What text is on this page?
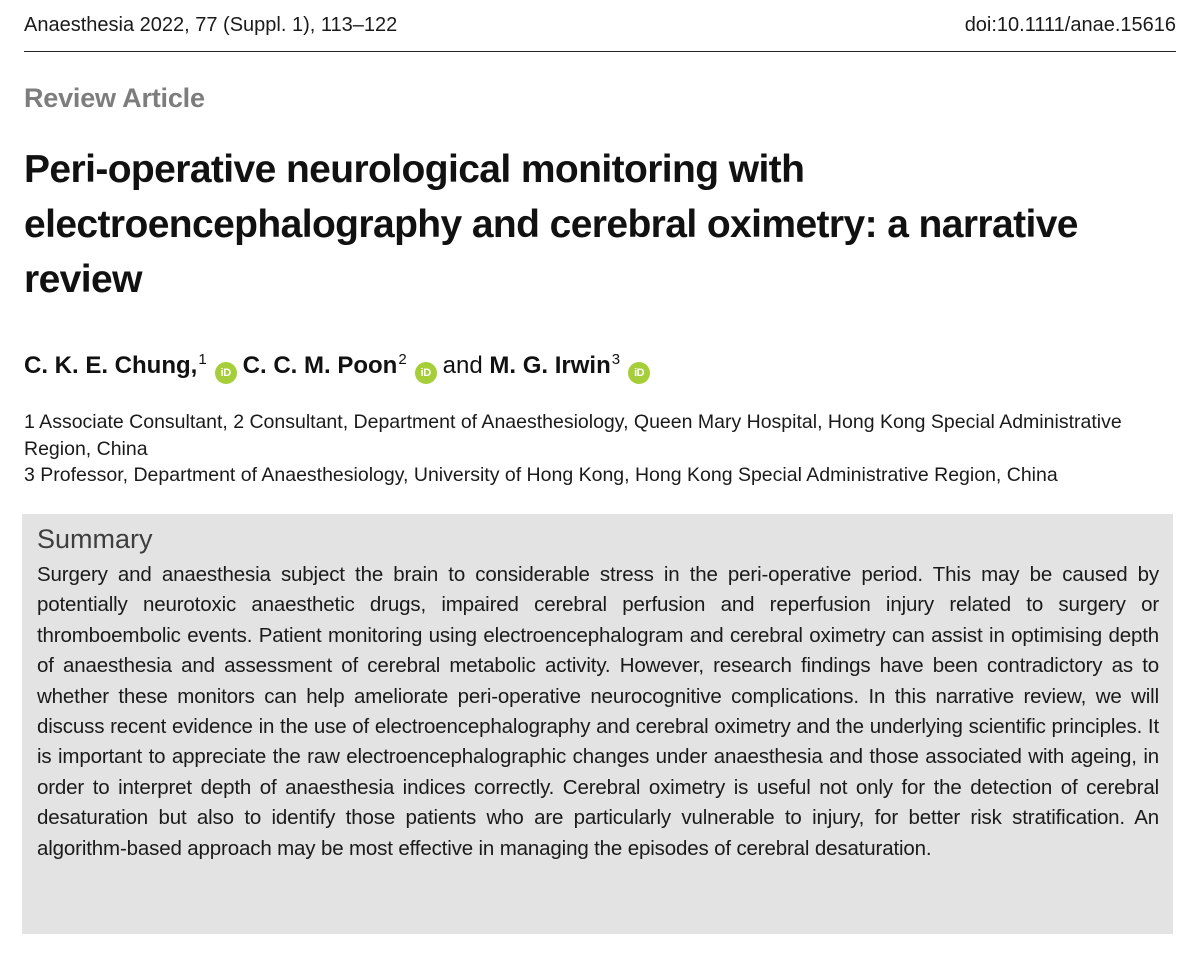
Anaesthesia 2022, 77 (Suppl. 1), 113–122	doi:10.1111/anae.15616
Review Article
Peri-operative neurological monitoring with electroencephalography and cerebral oximetry: a narrative review
C. K. E. Chung,$^1$iD C. C. M. Poon$^2$iD and M. G. Irwin$^3$iD

1 Associate Consultant, 2 Consultant, Department of Anaesthesiology, Queen Mary Hospital, Hong Kong Special Administrative Region, China

3 Professor, Department of Anaesthesiology, University of Hong Kong, Hong Kong Special Administrative Region, China

Summary

Surgery and anaesthesia subject the brain to considerable stress in the peri-operative period. This may be caused by potentially neurotoxic anaesthetic drugs, impaired cerebral perfusion and reperfusion injury related to surgery or thromboembolic events. Patient monitoring using electroencephalogram and cerebral oximetry can assist in optimising depth of anaesthesia and assessment of cerebral metabolic activity. However, research findings have been contradictory as to whether these monitors can help ameliorate peri-operative neurocognitive complications. In this narrative review, we will discuss recent evidence in the use of electroencephalography and cerebral oximetry and the underlying scientific principles. It is important to appreciate the raw electroencephalographic changes under anaesthesia and those associated with ageing, in order to interpret depth of anaesthesia indices correctly. Cerebral oximetry is useful not only for the detection of cerebral desaturation but also to identify those patients who are particularly vulnerable to injury, for better risk stratification. An algorithm-based approach may be most effective in managing the episodes of cerebral desaturation.
